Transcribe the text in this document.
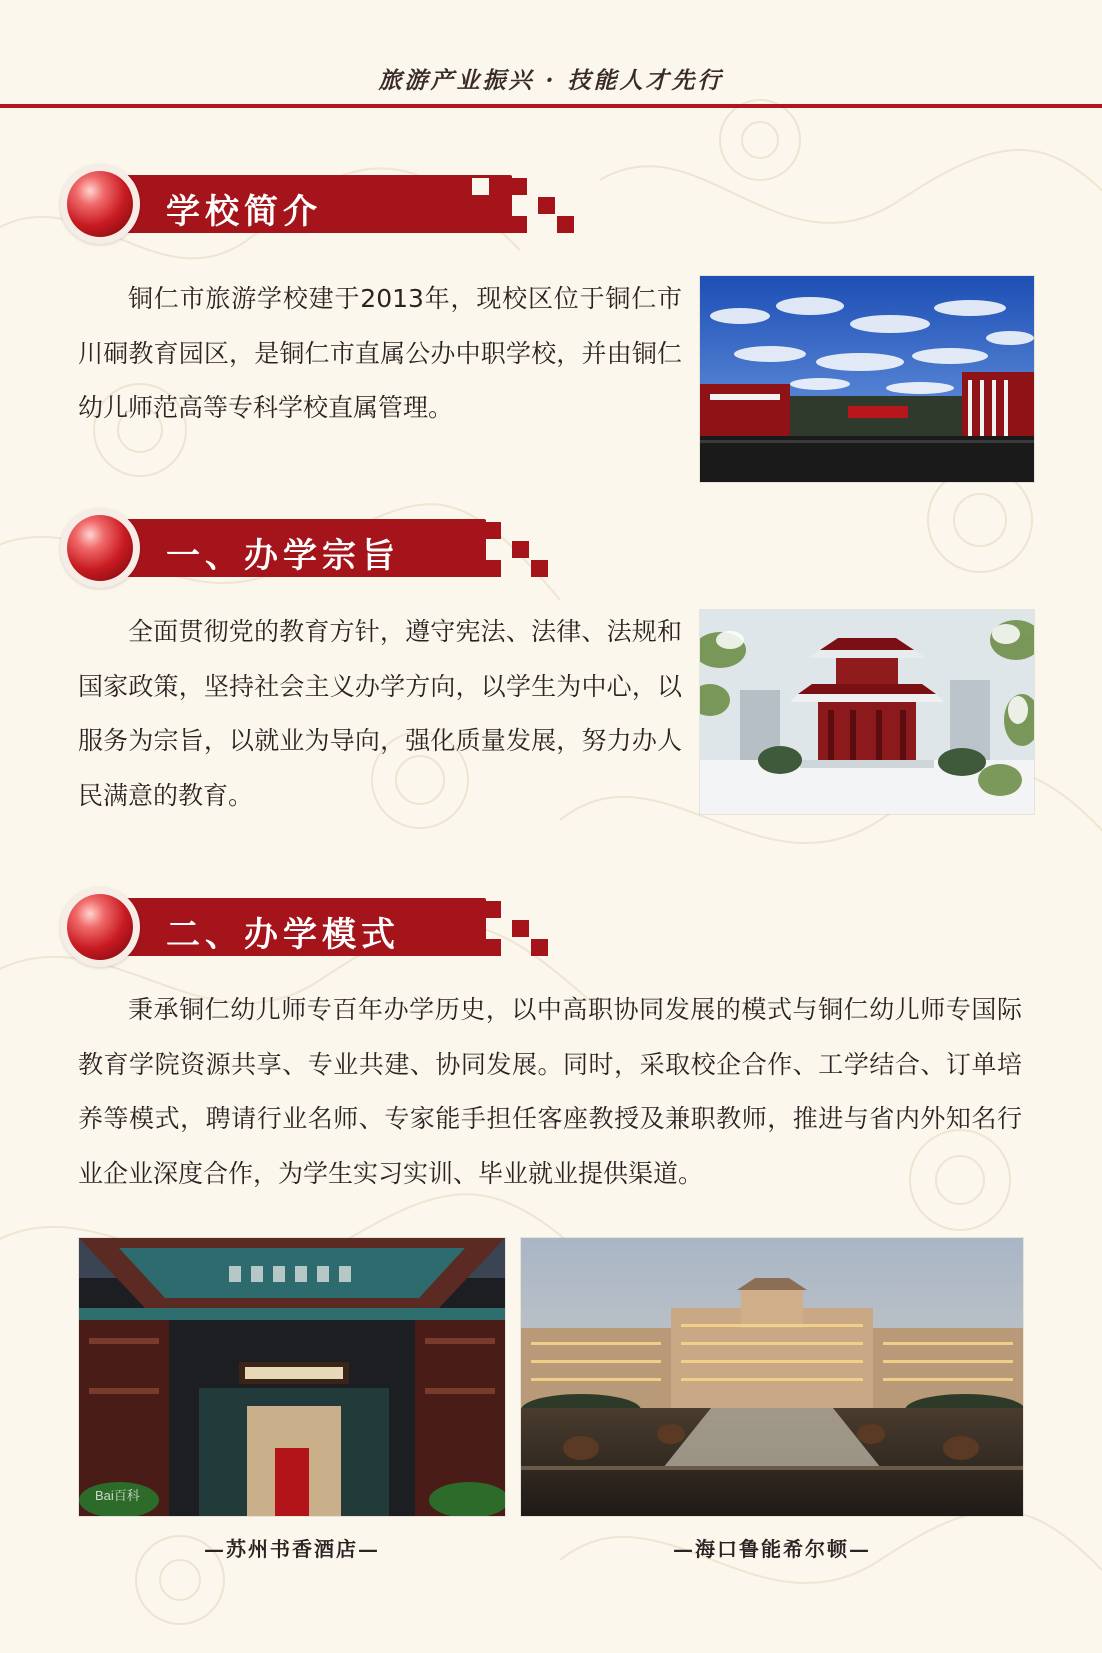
旅游产业振兴 · 技能人才先行
学校简介
铜仁市旅游学校建于2013年，现校区位于铜仁市川硐教育园区，是铜仁市直属公办中职学校，并由铜仁幼儿师范高等专科学校直属管理。
一、办学宗旨
全面贯彻党的教育方针，遵守宪法、法律、法规和国家政策，坚持社会主义办学方向，以学生为中心，以服务为宗旨，以就业为导向，强化质量发展，努力办人民满意的教育。
二、办学模式
秉承铜仁幼儿师专百年办学历史，以中高职协同发展的模式与铜仁幼儿师专国际教育学院资源共享、专业共建、协同发展。同时，采取校企合作、工学结合、订单培养等模式，聘请行业名师、专家能手担任客座教授及兼职教师，推进与省内外知名行业企业深度合作，为学生实习实训、毕业就业提供渠道。
Bai百科
—苏州书香酒店—	—海口鲁能希尔顿—
